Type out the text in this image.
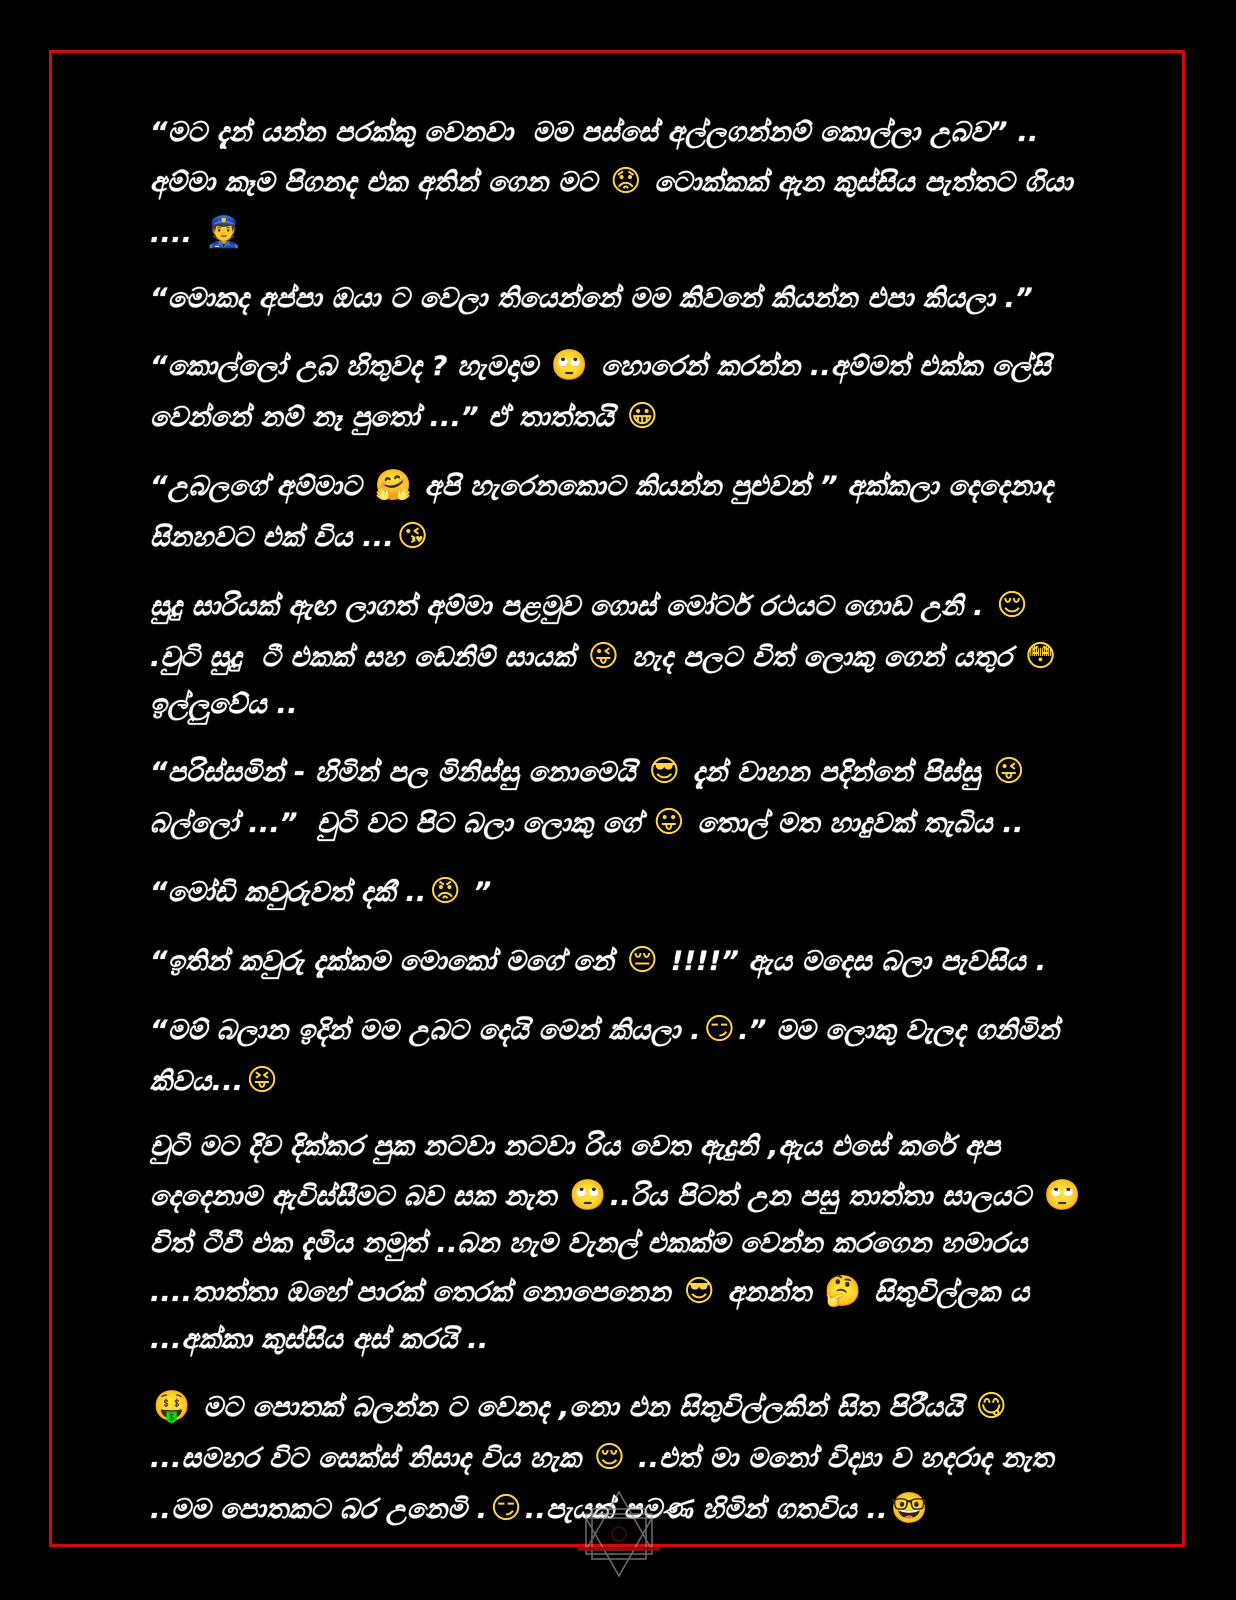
“මට දැන් යන්න පරක්කු වෙනවා  මම පස්සේ අල්ලගන්නම් කොල්ලා උබව” .. අම්මා කෑම පිගනද එක අතින් ගෙන මට 😟 ටොක්කක් ඇන කුස්සිය පැත්තට ගියා .... 👮

“මොකද අප්පා ඔයා ට වෙලා තියෙන්නේ මම කිවනේ කියන්න එපා කියලා .”

“කොල්ලෝ උබ හිතුවද ? හැමදාම 🙄 හොරෙන් කරන්න ..අම්මත් එක්ක ලේසි වෙන්නේ නම් නෑ පුතෝ ...” ඒ තාත්තයි 😀

“උබලගේ අම්මාට 🤗 අපි හැරෙනකොට කියන්න පුළුවන් ” අක්කලා දෙදෙනාද සිනහවට එක් විය ... 😘

සුදු සාරියක් ඇඟ ලාගත් අම්මා පළමුව ගොස් මෝටර් රථයට ගොඩ උනි . 😌 .චුටි සුදු  ටී එකක් සහ ඩෙනිම් සායක් 😜 හැද පලට විත් ලොකු ගෙන් යතුර 😳 ඉල්ලුවේය ..

“පරිස්සමින් - හිමින් පල මිනිස්සු නොමෙයි 😎 දැන් වාහන පදින්නේ පිස්සු 😜 බල්ලෝ ...”  චුටි වට පිට බලා ලොකු ගේ 😛 තොල් මත හාදුවක් තැබිය ..

“මෝඩි කවුරුවත් දකී .. 😡 ”

“ඉතින් කවුරු දැක්කම මොකෝ මගේ නේ 😔 !!!!” ඇය මදෙස බලා පැවසිය .

“මම් බලාන ඉදින් මම උබට දෙයි මෙන් කියලා . 😏 .” මම ලොකු වැලද ගනිමින් කිවය... 😝

චුටි මට දිව දික්කර පුක නටවා නටවා රිය වෙත ඇදුනි ,ඇය එසේ කරේ අප දෙදෙනාම ඇවිස්සීමට බව සක නැත 🙄 ..රිය පිටත් උන පසු තාත්තා සාලයට 🙄 විත් ටීවී එක දැමිය නමුත් ..බන හැම වැනල් එකක්ම වෙන්න කරගෙන හමාරය ....තාත්තා ඔහේ පාරක් තෙරක් නොපෙනෙන 😎 අනන්ත 🤔 සිතුවිල්ලක ය ...අක්කා කුස්සිය අස් කරයි ..

🤑 මට පොතක් බලන්න ට වෙනද ,නො එන සිතුවිල්ලකින් සිත පිරීයයි 😋 ...සමහර විට සෙක්ස් නිසාද විය හැක 😌 ..එත් මා මනෝ විද්‍යා ව හදරාද නැත ..මම පොතකට බර උනෙමි . 😏 ..පැයක් පමණ හිමින් ගතවිය .. 🤓
